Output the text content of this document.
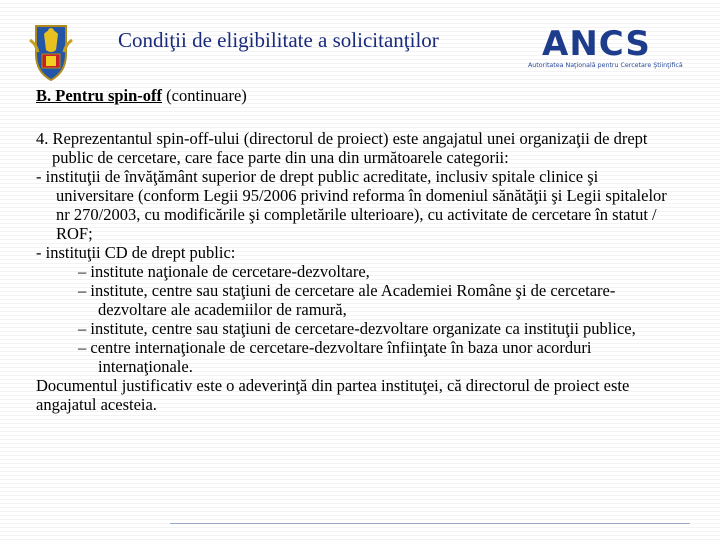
Condiţii de eligibilitate a solicitanţilor	ANCS
Autoritatea Naţională pentru Cercetare Ştiinţifică

B. Pentru spin-off (continuare)

4. Reprezentantul spin-off-ului (directorul de proiect) este angajatul unei organizaţii de drept public de cercetare, care face parte din una din următoarele categorii:

- instituţii de învăţământ superior de drept public acreditate, inclusiv spitale clinice şi universitare (conform Legii 95/2006 privind reforma în domeniul sănătăţii şi Legii spitalelor nr 270/2003, cu modificările şi completările ulterioare), cu activitate de cercetare în statut / ROF;

- instituţii CD de drept public:

– institute naţionale de cercetare-dezvoltare,

– institute, centre sau staţiuni de cercetare ale Academiei Române şi de cercetare-dezvoltare ale academiilor de ramură,

– institute, centre sau staţiuni de cercetare-dezvoltare organizate ca instituţii publice,

– centre internaţionale de cercetare-dezvoltare înfiinţate în baza unor acorduri internaţionale.

Documentul justificativ este o adeverinţă din partea instituţei, că directorul de proiect este angajatul acesteia.
